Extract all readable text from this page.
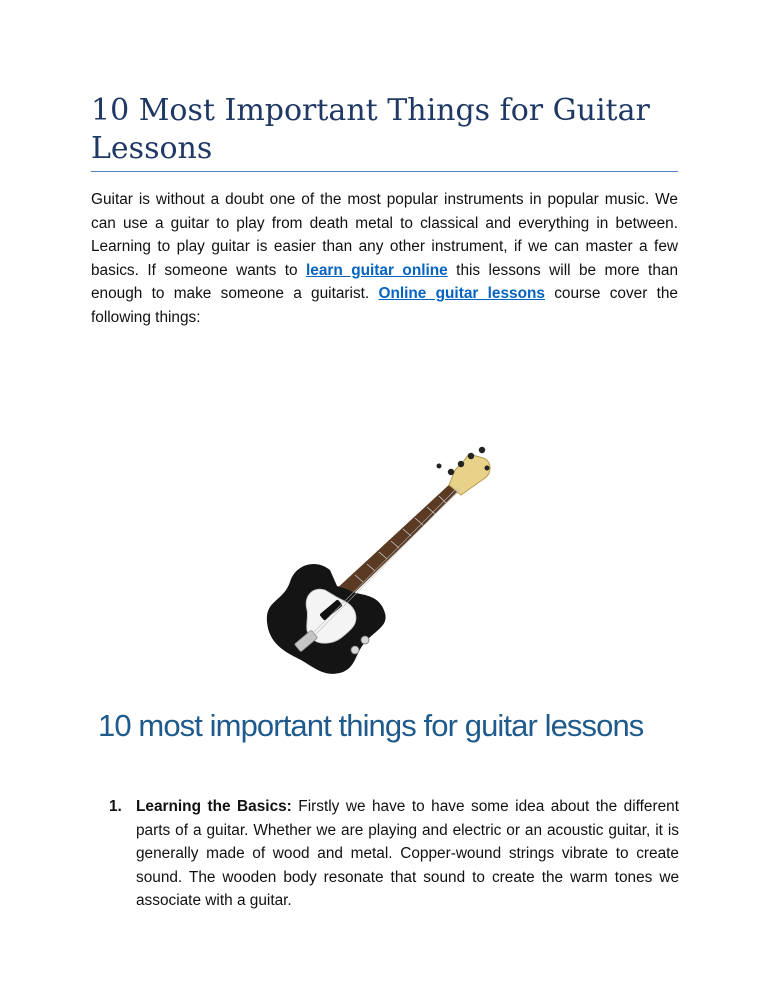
10 Most Important Things for Guitar Lessons

Guitar is without a doubt one of the most popular instruments in popular music. We can use a guitar to play from death metal to classical and everything in between. Learning to play guitar is easier than any other instrument, if we can master a few basics. If someone wants to learn guitar online this lessons will be more than enough to make someone a guitarist. Online guitar lessons course cover the following things:

10 most important things for guitar lessons
1. Learning the Basics: Firstly we have to have some idea about the different parts of a guitar. Whether we are playing and electric or an acoustic guitar, it is generally made of wood and metal. Copper-wound strings vibrate to create sound. The wooden body resonate that sound to create the warm tones we associate with a guitar.
